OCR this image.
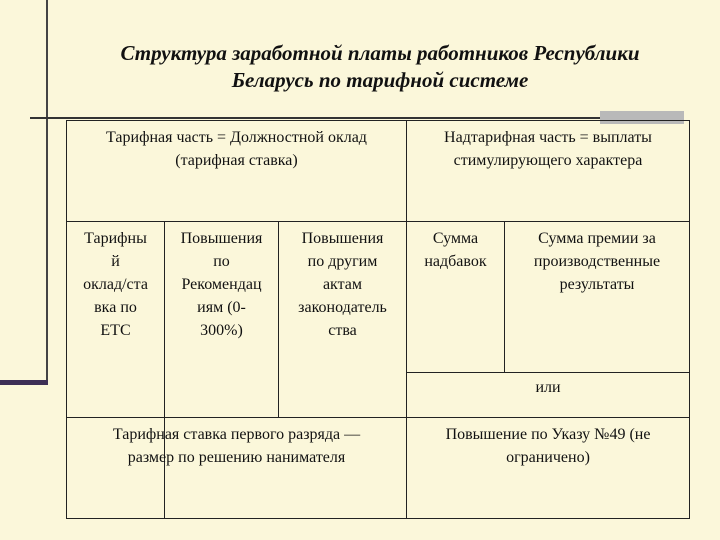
Структура заработной платы работников Республики
Беларусь по тарифной системе
Тарифная часть = Должностной оклад
(тарифная ставка)
Надтарифная часть = выплаты
стимулирующего характера
Тарифны
й
оклад/ста
вка по
ЕТС
Повышения
по
Рекомендац
иям (0-
300%)
Повышения
по другим
актам
законодатель
ства
Сумма
надбавок
Сумма премии за
производственные
результаты
или
Тарифная ставка первого разряда —
размер по решению нанимателя
Повышение по Указу №49 (не
ограничено)
